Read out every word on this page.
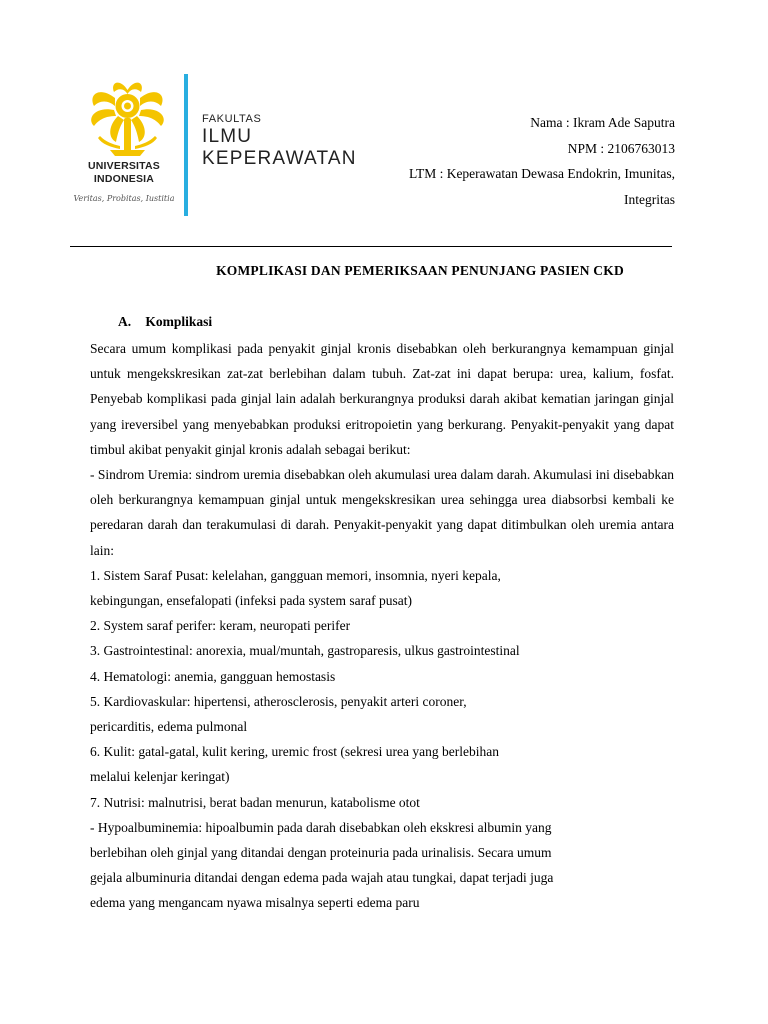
UNIVERSITAS
INDONESIA
Veritas, Probitas, Iustitia
FAKULTAS
ILMU
KEPERAWATAN
Nama : Ikram Ade Saputra
NPM : 2106763013
LTM : Keperawatan Dewasa Endokrin, Imunitas,
Integritas
KOMPLIKASI DAN PEMERIKSAAN PENUNJANG PASIEN CKD
A. Komplikasi

Secara umum komplikasi pada penyakit ginjal kronis disebabkan oleh berkurangnya kemampuan ginjal untuk mengekskresikan zat-zat berlebihan dalam tubuh. Zat-zat ini dapat berupa: urea, kalium, fosfat. Penyebab komplikasi pada ginjal lain adalah berkurangnya produksi darah akibat kematian jaringan ginjal yang ireversibel yang menyebabkan produksi eritropoietin yang berkurang. Penyakit-penyakit yang dapat timbul akibat penyakit ginjal kronis adalah sebagai berikut:

- Sindrom Uremia: sindrom uremia disebabkan oleh akumulasi urea dalam darah. Akumulasi ini disebabkan oleh berkurangnya kemampuan ginjal untuk mengekskresikan urea sehingga urea diabsorbsi kembali ke peredaran darah dan terakumulasi di darah. Penyakit-penyakit yang dapat ditimbulkan oleh uremia antara lain:

1. Sistem Saraf Pusat: kelelahan, gangguan memori, insomnia, nyeri kepala,
kebingungan, ensefalopati (infeksi pada system saraf pusat)
2. System saraf perifer: keram, neuropati perifer
3. Gastrointestinal: anorexia, mual/muntah, gastroparesis, ulkus gastrointestinal
4. Hematologi: anemia, gangguan hemostasis
5. Kardiovaskular: hipertensi, atherosclerosis, penyakit arteri coroner,
pericarditis, edema pulmonal
6. Kulit: gatal-gatal, kulit kering, uremic frost (sekresi urea yang berlebihan
melalui kelenjar keringat)
7. Nutrisi: malnutrisi, berat badan menurun, katabolisme otot
- Hypoalbuminemia: hipoalbumin pada darah disebabkan oleh ekskresi albumin yang
berlebihan oleh ginjal yang ditandai dengan proteinuria pada urinalisis. Secara umum
gejala albuminuria ditandai dengan edema pada wajah atau tungkai, dapat terjadi juga
edema yang mengancam nyawa misalnya seperti edema paru
